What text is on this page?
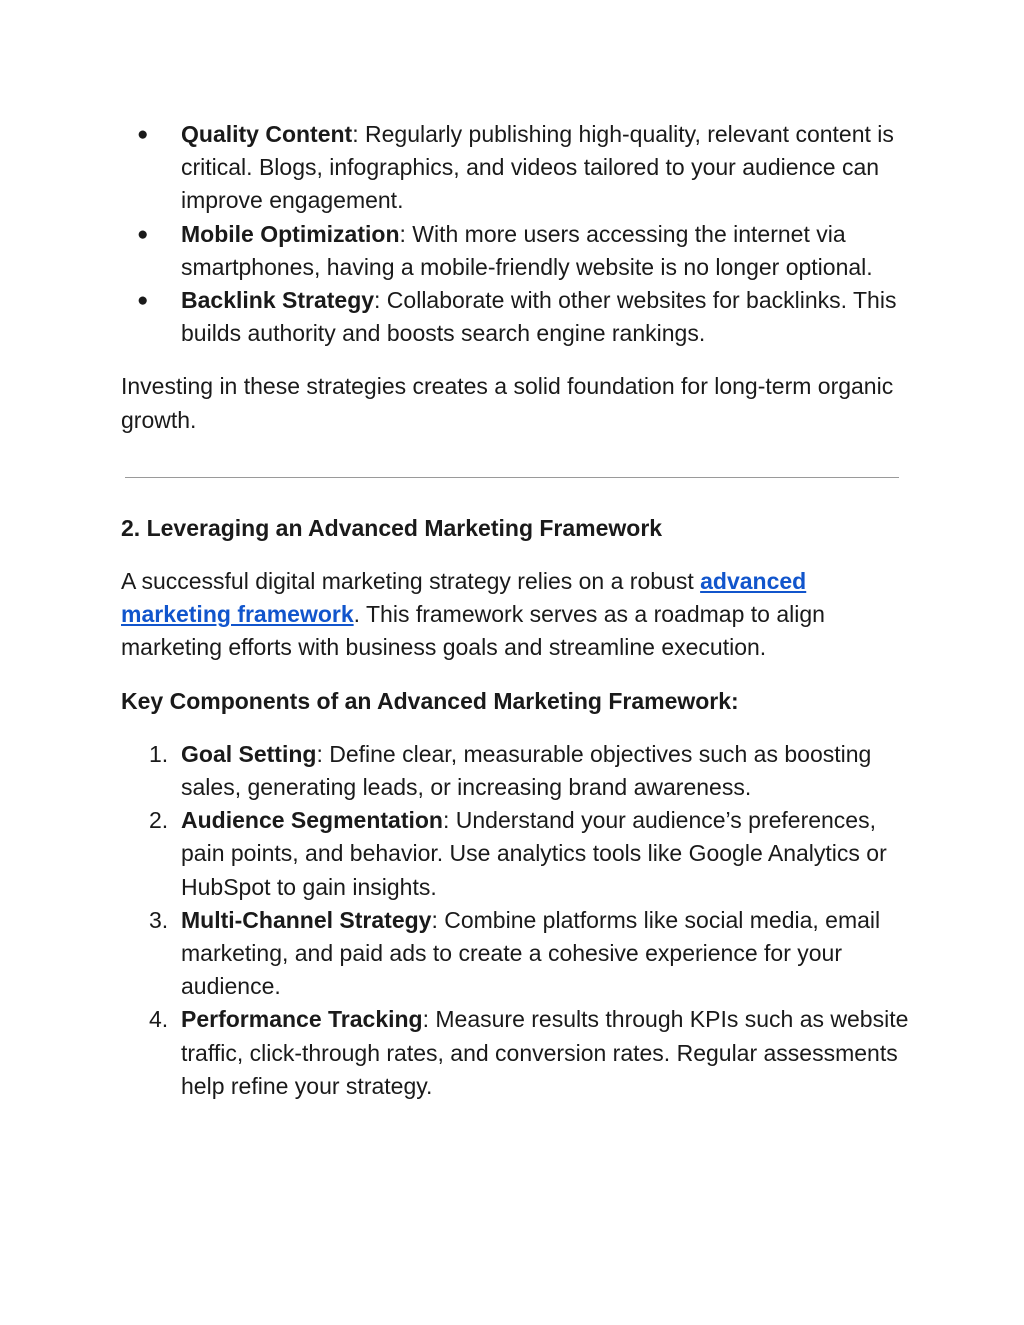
●	Quality Content: Regularly publishing high-quality, relevant content is critical. Blogs, infographics, and videos tailored to your audience can improve engagement.
●	Mobile Optimization: With more users accessing the internet via smartphones, having a mobile-friendly website is no longer optional.
●	Backlink Strategy: Collaborate with other websites for backlinks. This builds authority and boosts search engine rankings.

Investing in these strategies creates a solid foundation for long-term organic growth.

2. Leveraging an Advanced Marketing Framework

A successful digital marketing strategy relies on a robust advanced marketing framework. This framework serves as a roadmap to align marketing efforts with business goals and streamline execution.

Key Components of an Advanced Marketing Framework:

1. Goal Setting: Define clear, measurable objectives such as boosting sales, generating leads, or increasing brand awareness.
2. Audience Segmentation: Understand your audience’s preferences, pain points, and behavior. Use analytics tools like Google Analytics or HubSpot to gain insights.
3. Multi-Channel Strategy: Combine platforms like social media, email marketing, and paid ads to create a cohesive experience for your audience.
4. Performance Tracking: Measure results through KPIs such as website traffic, click-through rates, and conversion rates. Regular assessments help refine your strategy.
